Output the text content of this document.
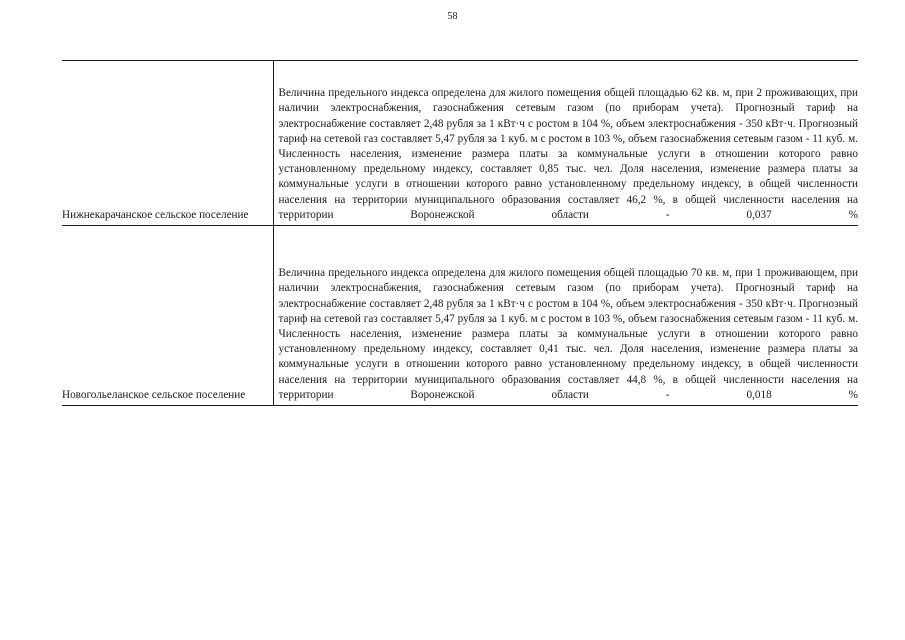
58
Нижнекарачанское сельское поселение	Величина предельного индекса определена для жилого помещения общей площадью 62 кв. м, при 2 проживающих, при наличии электроснабжения, газоснабжения сетевым газом (по приборам учета). Прогнозный тариф на электроснабжение составляет 2,48 рубля за 1 кВт·ч с ростом в 104 %, объем электроснабжения - 350 кВт·ч. Прогнозный тариф на сетевой газ составляет 5,47 рубля за 1 куб. м с ростом в 103 %, объем газоснабжения сетевым газом - 11 куб. м. Численность населения, изменение размера платы за коммунальные услуги в отношении которого равно установленному предельному индексу, составляет 0,85 тыс. чел. Доля населения, изменение размера платы за коммунальные услуги в отношении которого равно установленному предельному индексу, в общей численности населения на территории муниципального образования составляет 46,2 %, в общей численности населения на территории Воронежской области - 0,037 %

Новогольеланское сельское поселение	Величина предельного индекса определена для жилого помещения общей площадью 70 кв. м, при 1 проживающем, при наличии электроснабжения, газоснабжения сетевым газом (по приборам учета). Прогнозный тариф на электроснабжение составляет 2,48 рубля за 1 кВт·ч с ростом в 104 %, объем электроснабжения - 350 кВт·ч. Прогнозный тариф на сетевой газ составляет 5,47 рубля за 1 куб. м с ростом в 103 %, объем газоснабжения сетевым газом - 11 куб. м. Численность населения, изменение размера платы за коммунальные услуги в отношении которого равно установленному предельному индексу, составляет 0,41 тыс. чел. Доля населения, изменение размера платы за коммунальные услуги в отношении которого равно установленному предельному индексу, в общей численности населения на территории муниципального образования составляет 44,8 %, в общей численности населения на территории Воронежской области - 0,018 %
